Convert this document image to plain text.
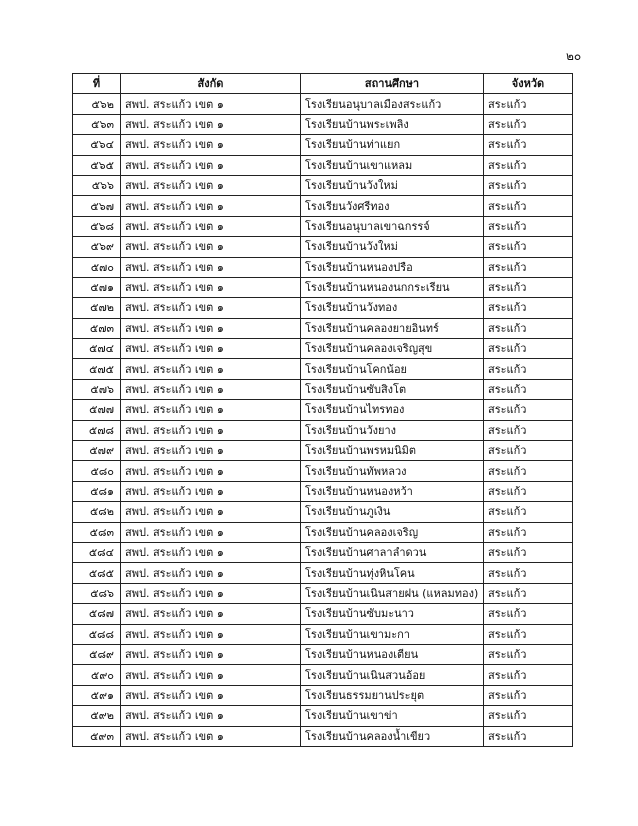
๒๐
ที่	สังกัด	สถานศึกษา	จังหวัด
๕๖๒	สพป. สระแก้ว เขต ๑	โรงเรียนอนุบาลเมืองสระแก้ว	สระแก้ว
๕๖๓	สพป. สระแก้ว เขต ๑	โรงเรียนบ้านพระเพลิง	สระแก้ว
๕๖๔	สพป. สระแก้ว เขต ๑	โรงเรียนบ้านท่าแยก	สระแก้ว
๕๖๕	สพป. สระแก้ว เขต ๑	โรงเรียนบ้านเขาแหลม	สระแก้ว
๕๖๖	สพป. สระแก้ว เขต ๑	โรงเรียนบ้านวังใหม่	สระแก้ว
๕๖๗	สพป. สระแก้ว เขต ๑	โรงเรียนวังศรีทอง	สระแก้ว
๕๖๘	สพป. สระแก้ว เขต ๑	โรงเรียนอนุบาลเขาฉกรรจ์	สระแก้ว
๕๖๙	สพป. สระแก้ว เขต ๑	โรงเรียนบ้านวังใหม่	สระแก้ว
๕๗๐	สพป. สระแก้ว เขต ๑	โรงเรียนบ้านหนองปรือ	สระแก้ว
๕๗๑	สพป. สระแก้ว เขต ๑	โรงเรียนบ้านหนองนกกระเรียน	สระแก้ว
๕๗๒	สพป. สระแก้ว เขต ๑	โรงเรียนบ้านวังทอง	สระแก้ว
๕๗๓	สพป. สระแก้ว เขต ๑	โรงเรียนบ้านคลองยายอินทร์	สระแก้ว
๕๗๔	สพป. สระแก้ว เขต ๑	โรงเรียนบ้านคลองเจริญสุข	สระแก้ว
๕๗๕	สพป. สระแก้ว เขต ๑	โรงเรียนบ้านโคกน้อย	สระแก้ว
๕๗๖	สพป. สระแก้ว เขต ๑	โรงเรียนบ้านซับสิงโต	สระแก้ว
๕๗๗	สพป. สระแก้ว เขต ๑	โรงเรียนบ้านไทรทอง	สระแก้ว
๕๗๘	สพป. สระแก้ว เขต ๑	โรงเรียนบ้านวังยาง	สระแก้ว
๕๗๙	สพป. สระแก้ว เขต ๑	โรงเรียนบ้านพรหมนิมิต	สระแก้ว
๕๘๐	สพป. สระแก้ว เขต ๑	โรงเรียนบ้านทัพหลวง	สระแก้ว
๕๘๑	สพป. สระแก้ว เขต ๑	โรงเรียนบ้านหนองหว้า	สระแก้ว
๕๘๒	สพป. สระแก้ว เขต ๑	โรงเรียนบ้านภูเงิน	สระแก้ว
๕๘๓	สพป. สระแก้ว เขต ๑	โรงเรียนบ้านคลองเจริญ	สระแก้ว
๕๘๔	สพป. สระแก้ว เขต ๑	โรงเรียนบ้านศาลาลำดวน	สระแก้ว
๕๘๕	สพป. สระแก้ว เขต ๑	โรงเรียนบ้านทุ่งหินโคน	สระแก้ว
๕๘๖	สพป. สระแก้ว เขต ๑	โรงเรียนบ้านเนินสายฝน (แหลมทอง)	สระแก้ว
๕๘๗	สพป. สระแก้ว เขต ๑	โรงเรียนบ้านซับมะนาว	สระแก้ว
๕๘๘	สพป. สระแก้ว เขต ๑	โรงเรียนบ้านเขามะกา	สระแก้ว
๕๘๙	สพป. สระแก้ว เขต ๑	โรงเรียนบ้านหนองเตียน	สระแก้ว
๕๙๐	สพป. สระแก้ว เขต ๑	โรงเรียนบ้านเนินสวนอ้อย	สระแก้ว
๕๙๑	สพป. สระแก้ว เขต ๑	โรงเรียนธรรมยานประยุต	สระแก้ว
๕๙๒	สพป. สระแก้ว เขต ๑	โรงเรียนบ้านเขาข่า	สระแก้ว
๕๙๓	สพป. สระแก้ว เขต ๑	โรงเรียนบ้านคลองน้ำเขียว	สระแก้ว
